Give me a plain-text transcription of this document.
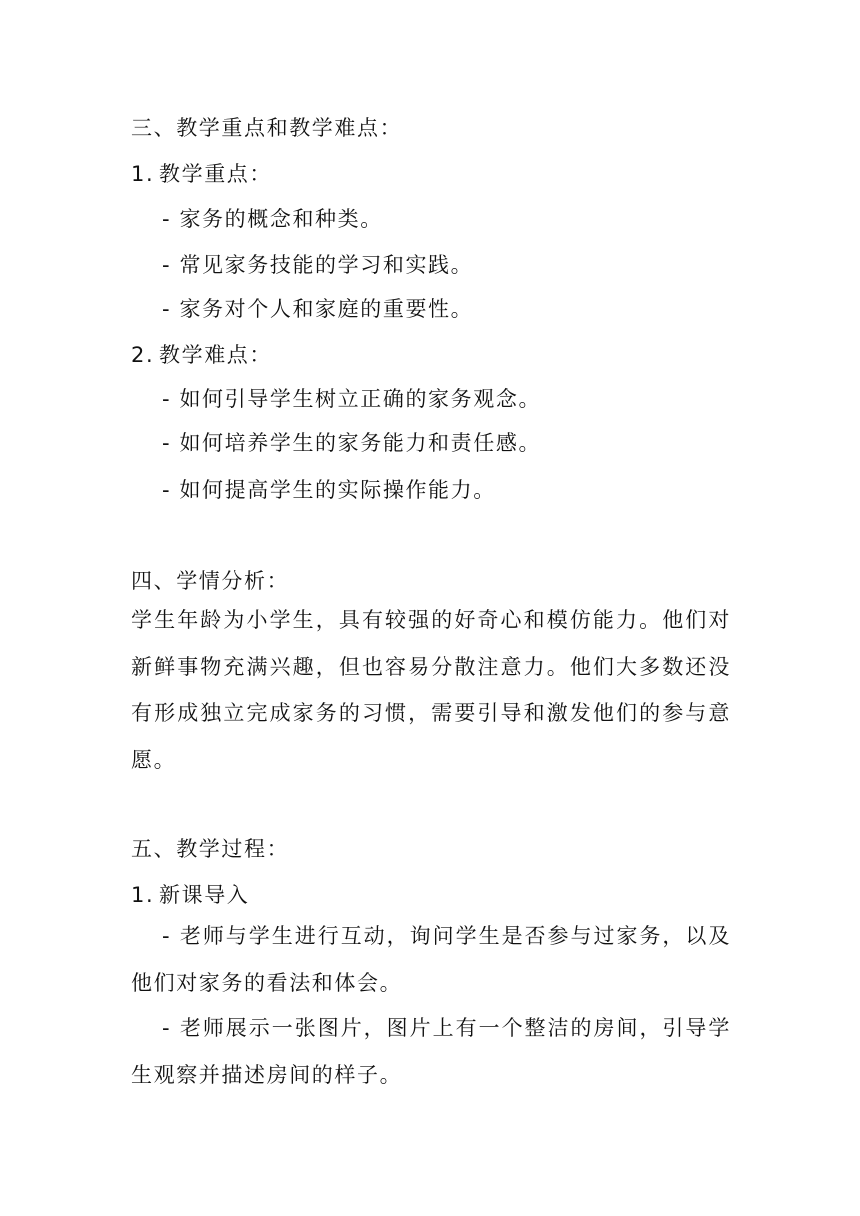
三、教学重点和教学难点：
1. 教学重点：
- 家务的概念和种类。
- 常见家务技能的学习和实践。
- 家务对个人和家庭的重要性。
2. 教学难点：
- 如何引导学生树立正确的家务观念。
- 如何培养学生的家务能力和责任感。
- 如何提高学生的实际操作能力。
四、学情分析：
学生年龄为小学生，具有较强的好奇心和模仿能力。他们对新鲜事物充满兴趣，但也容易分散注意力。他们大多数还没有形成独立完成家务的习惯，需要引导和激发他们的参与意愿。
五、教学过程：
1. 新课导入
- 老师与学生进行互动，询问学生是否参与过家务，以及他们对家务的看法和体会。
- 老师展示一张图片，图片上有一个整洁的房间，引导学生观察并描述房间的样子。
